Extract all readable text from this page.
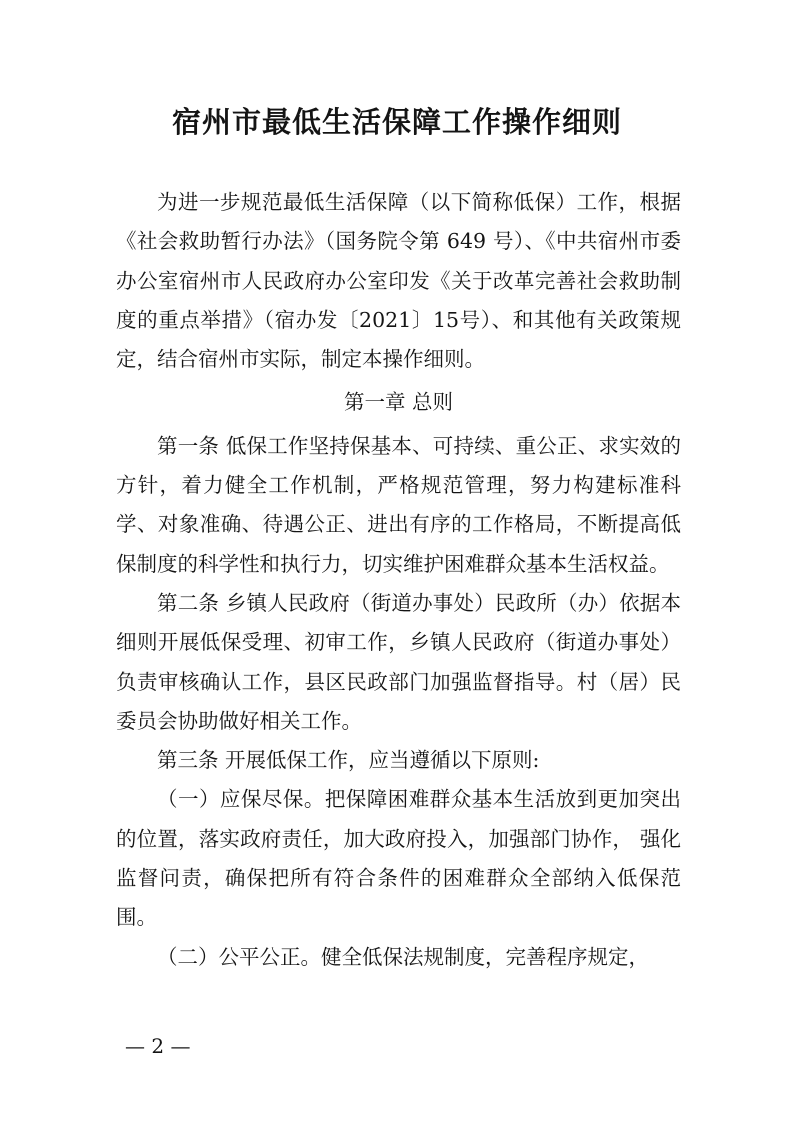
宿州市最低生活保障工作操作细则

为进一步规范最低生活保障（以下简称低保）工作，根据《社会救助暂行办法》（国务院令第 649 号）、《中共宿州市委办公室宿州市人民政府办公室印发《关于改革完善社会救助制度的重点举措》（宿办发〔2021〕15号）、和其他有关政策规定，结合宿州市实际，制定本操作细则。

第一章 总则

第一条 低保工作坚持保基本、可持续、重公正、求实效的方针，着力健全工作机制，严格规范管理，努力构建标准科学、对象准确、待遇公正、进出有序的工作格局，不断提高低保制度的科学性和执行力，切实维护困难群众基本生活权益。

第二条 乡镇人民政府（街道办事处）民政所（办）依据本细则开展低保受理、初审工作，乡镇人民政府（街道办事处）负责审核确认工作，县区民政部门加强监督指导。村（居）民委员会协助做好相关工作。

第三条 开展低保工作，应当遵循以下原则:

（一）应保尽保。把保障困难群众基本生活放到更加突出的位置，落实政府责任，加大政府投入，加强部门协作， 强化监督问责，确保把所有符合条件的困难群众全部纳入低保范围。

（二）公平公正。健全低保法规制度，完善程序规定，

— 2 —
